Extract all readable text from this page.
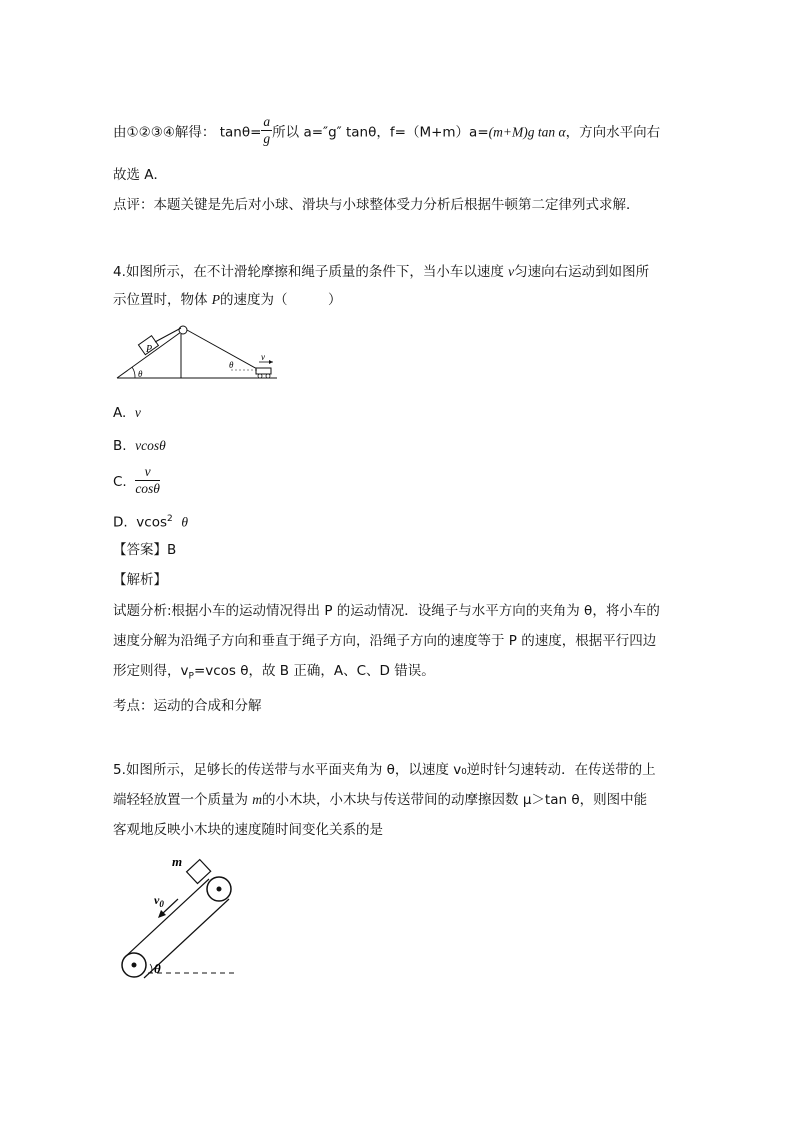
由①②③④解得： $\tan\theta= \frac{a}{g}$ 所以 a=″g″ tanθ，f=（M+m）a=(m+M)g tan α，方向水平向右
故选 A．
点评：本题关键是先后对小球、滑块与小球整体受力分析后根据牛顿第二定律列式求解．
4.如图所示，在不计滑轮摩擦和绳子质量的条件下，当小车以速度 v匀速向右运动到如图所
示位置时，物体 P的速度为（　　　）
P
θ
θ
v
A. v
B. vcosθ
C. $\frac{v}{\cos\theta}$
D. vcos$^2$ θ
【答案】B
【解析】
试题分析:根据小车的运动情况得出 P 的运动情况．设绳子与水平方向的夹角为 θ，将小车的
速度分解为沿绳子方向和垂直于绳子方向，沿绳子方向的速度等于 P 的速度，根据平行四边
形定则得，$v_P=vcos$ θ，故 B 正确，A、C、D 错误。
考点：运动的合成和分解
5.如图所示，足够长的传送带与水平面夹角为 θ，以速度 v₀逆时针匀速转动．在传送带的上
端轻轻放置一个质量为 m的小木块，小木块与传送带间的动摩擦因数 μ＞tan θ，则图中能
客观地反映小木块的速度随时间变化关系的是
m
$v_0$
θ
